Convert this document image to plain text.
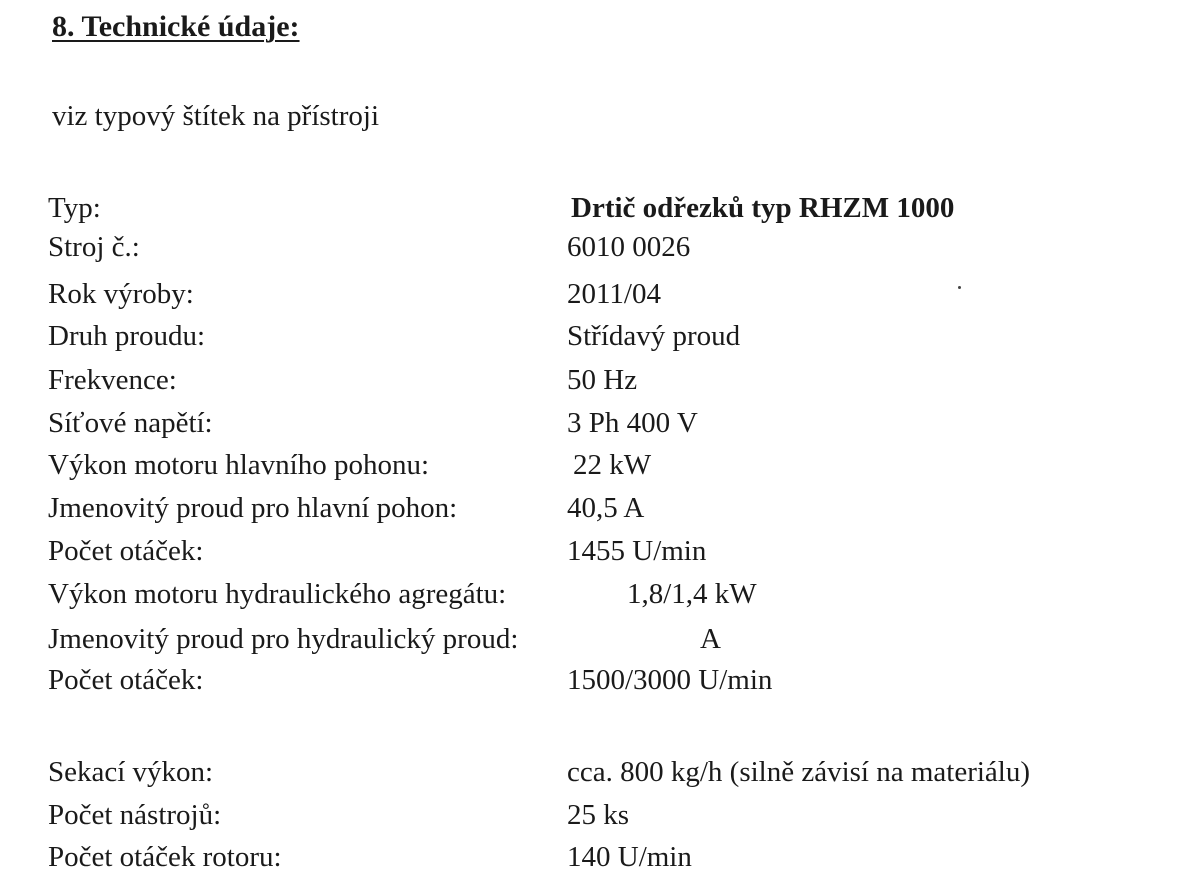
8. Technické údaje:

viz typový štítek na přístroji

Typ:	Drtič odřezků typ RHZM 1000
Stroj č.:	6010 0026
Rok výroby:	2011/04
Druh proudu:	Střídavý proud
Frekvence:	50 Hz
Síťové napětí:	3 Ph 400 V
Výkon motoru hlavního pohonu:	22 kW
Jmenovitý proud pro hlavní pohon:	40,5 A
Počet otáček:	1455 U/min
Výkon motoru hydraulického agregátu:	1,8/1,4 kW
Jmenovitý proud pro hydraulický proud:	A
Počet otáček:	1500/3000 U/min
Sekací výkon:	cca. 800 kg/h (silně závisí na materiálu)
Počet nástrojů:	25 ks
Počet otáček rotoru:	140 U/min
